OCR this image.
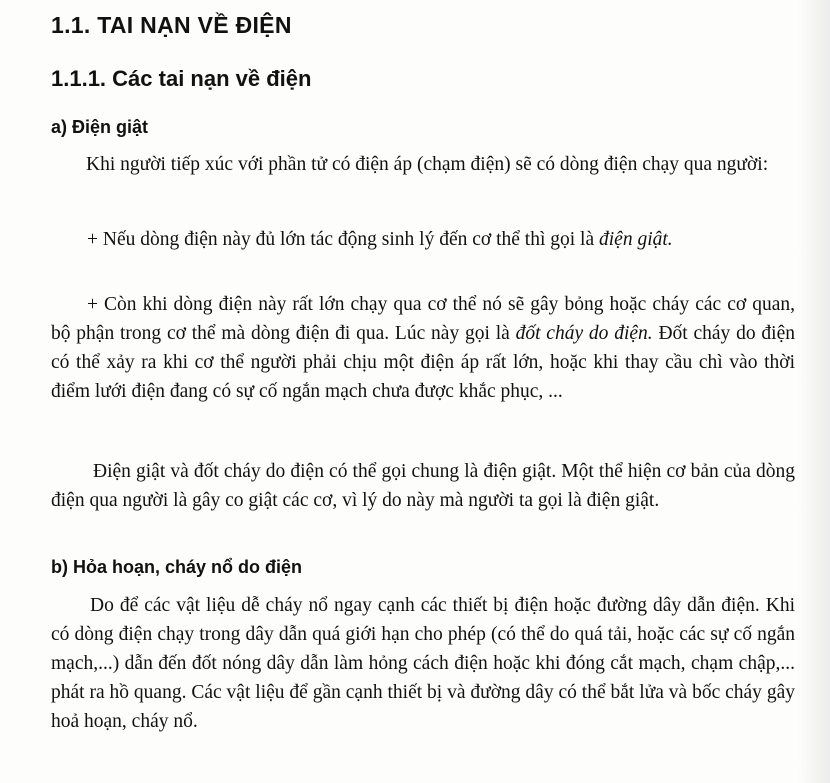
1.1. TAI NẠN VỀ ĐIỆN
1.1.1. Các tai nạn về điện
a) Điện giật

Khi người tiếp xúc với phần tử có điện áp (chạm điện) sẽ có dòng điện chạy qua người:

+ Nếu dòng điện này đủ lớn tác động sinh lý đến cơ thể thì gọi là điện giật.

+ Còn khi dòng điện này rất lớn chạy qua cơ thể nó sẽ gây bỏng hoặc cháy các cơ quan, bộ phận trong cơ thể mà dòng điện đi qua. Lúc này gọi là đốt cháy do điện. Đốt cháy do điện có thể xảy ra khi cơ thể người phải chịu một điện áp rất lớn, hoặc khi thay cầu chì vào thời điểm lưới điện đang có sự cố ngắn mạch chưa được khắc phục, ...

Điện giật và đốt cháy do điện có thể gọi chung là điện giật. Một thể hiện cơ bản của dòng điện qua người là gây co giật các cơ, vì lý do này mà người ta gọi là điện giật.

b) Hỏa hoạn, cháy nổ do điện

Do để các vật liệu dễ cháy nổ ngay cạnh các thiết bị điện hoặc đường dây dẫn điện. Khi có dòng điện chạy trong dây dẫn quá giới hạn cho phép (có thể do quá tải, hoặc các sự cố ngắn mạch,...) dẫn đến đốt nóng dây dẫn làm hỏng cách điện hoặc khi đóng cắt mạch, chạm chập,... phát ra hồ quang. Các vật liệu để gần cạnh thiết bị và đường dây có thể bắt lửa và bốc cháy gây hoả hoạn, cháy nổ.
